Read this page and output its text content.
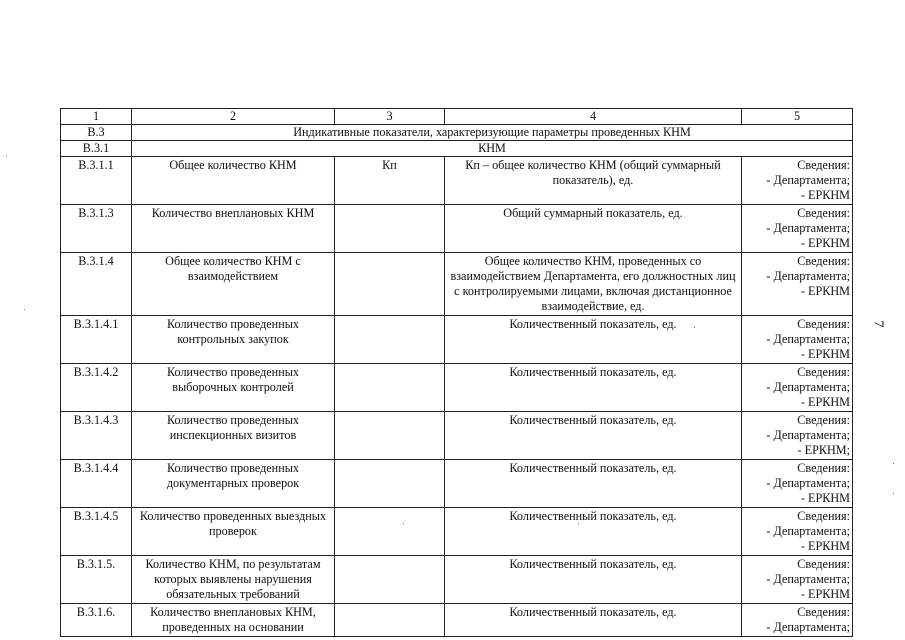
1	2	3	4	5
В.3	Индикативные показатели, характеризующие параметры проведенных КНМ			
В.3.1	КНМ			
В.3.1.1	Общее количество КНМ	Кп	Кп – общее количество КНМ (общий суммарный показатель), ед.	Сведения:
- Департамента;
- ЕРКНМ
В.3.1.3	Количество внеплановых КНМ		Общий суммарный показатель, ед.	Сведения:
- Департамента;
- ЕРКНМ
В.3.1.4	Общее количество КНМ с взаимодействием		Общее количество КНМ, проведенных со взаимодействием Департамента, его должностных лиц с контролируемыми лицами, включая дистанционное взаимодействие, ед.	Сведения:
- Департамента;
- ЕРКНМ
В.3.1.4.1	Количество проведенных контрольных закупок		Количественный показатель, ед.	Сведения:
- Департамента;
- ЕРКНМ
В.3.1.4.2	Количество проведенных выборочных контролей		Количественный показатель, ед.	Сведения:
- Департамента;
- ЕРКНМ
В.3.1.4.3	Количество проведенных инспекционных визитов		Количественный показатель, ед.	Сведения:
- Департамента;
- ЕРКНМ;
В.3.1.4.4	Количество проведенных документарных проверок		Количественный показатель, ед.	Сведения:
- Департамента;
- ЕРКНМ
В.3.1.4.5	Количество проведенных выездных проверок		Количественный показатель, ед.	Сведения:
- Департамента;
- ЕРКНМ
В.3.1.5.	Количество КНМ, по результатам которых выявлены нарушения обязательных требований		Количественный показатель, ед.	Сведения:
- Департамента;
- ЕРКНМ
В.3.1.6.	Количество внеплановых КНМ, проведенных на основании		Количественный показатель, ед.	Сведения:
- Департамента;
7
